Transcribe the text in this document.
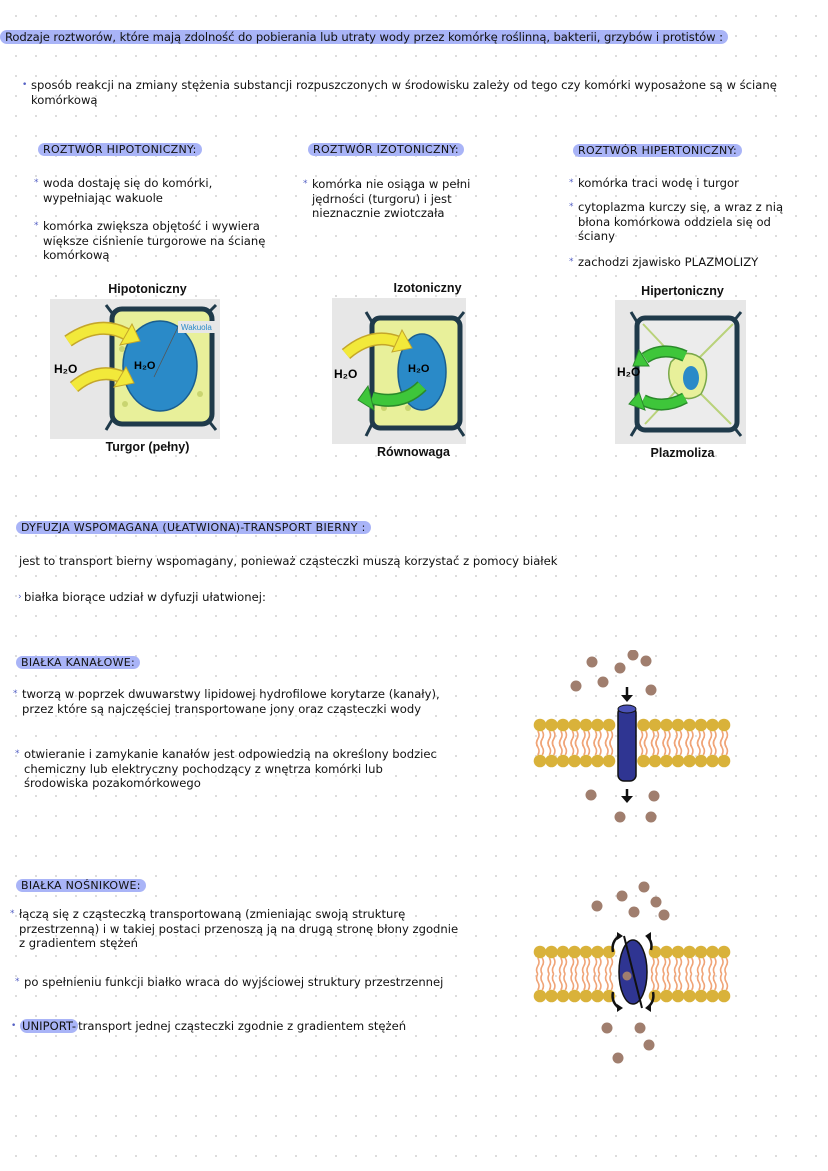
Rodzaje roztworów, które mają zdolność do pobierania lub utraty wody przez komórkę roślinną, bakterii, grzybów i protistów :
• sposób reakcji na zmiany stężenia substancji rozpuszczonych w środowisku zależy od tego czy komórki wyposażone są w ścianę komórkową
ROZTWÓR HIPOTONICZNY:	ROZTWÓR IZOTONICZNY:	ROZTWÓR HIPERTONICZNY:
* woda dostaję się do komórki, wypełniając wakuole
* komórka zwiększa objętość i wywiera większe ciśnienie turgorowe na ścianę komórkową
* komórka nie osiąga w pełni jędrności (turgoru) i jest nieznacznie zwiotczała
* komórka traci wodę i turgor
* cytoplazma kurczy się, a wraz z nią błona komórkowa oddziela się od ściany
* zachodzi zjawisko PLAZMOLIZY
Hipotoniczny	Izotoniczny	Hipertoniczny
Wakuola
H₂O	H₂O
H₂O	H₂O	H₂O
Turgor (pełny)	Równowaga	Plazmoliza
DYFUZJA WSPOMAGANA (UŁATWIONA)-TRANSPORT BIERNY :
jest to transport bierny wspomagany, ponieważ cząsteczki muszą korzystać z pomocy białek
› białka biorące udział w dyfuzji ułatwionej:
BIAŁKA KANAŁOWE:
* tworzą w poprzek dwuwarstwy lipidowej hydrofilowe korytarze (kanały), przez które są najczęściej transportowane jony oraz cząsteczki wody
* otwieranie i zamykanie kanałów jest odpowiedzią na określony bodziec chemiczny lub elektryczny pochodzący z wnętrza komórki lub środowiska pozakomórkowego
BIAŁKA NOŚNIKOWE:
* łączą się z cząsteczką transportowaną (zmieniając swoją strukturę przestrzenną) i w takiej postaci przenoszą ją na drugą stronę błony zgodnie z gradientem stężeń
* po spełnieniu funkcji białko wraca do wyjściowej struktury przestrzennej
• UNIPORT- transport jednej cząsteczki zgodnie z gradientem stężeń
